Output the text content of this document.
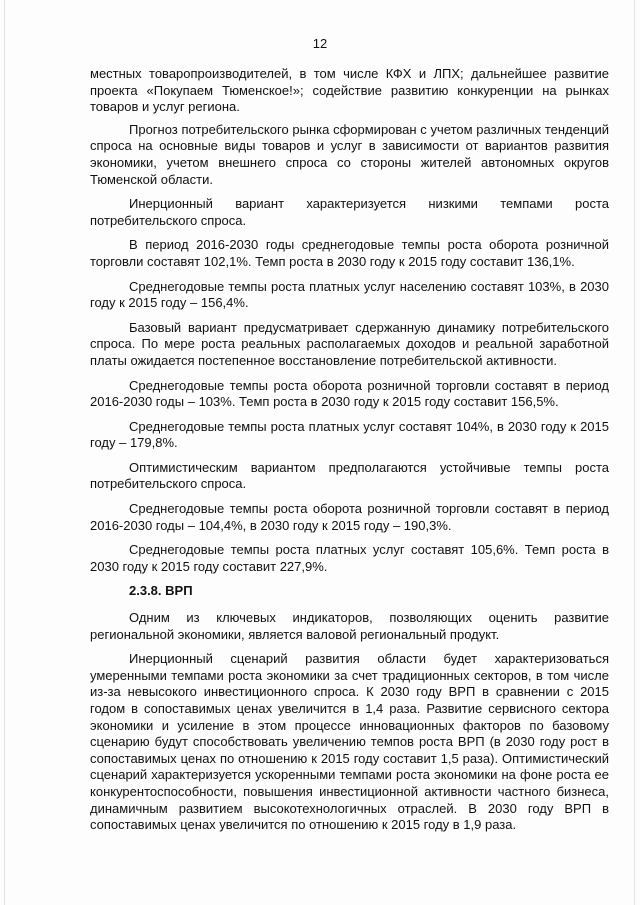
12

местных товаропроизводителей, в том числе КФХ и ЛПХ; дальнейшее развитие проекта «Покупаем Тюменское!»; содействие развитию конкуренции на рынках товаров и услуг региона.

Прогноз потребительского рынка сформирован с учетом различных тенденций спроса на основные виды товаров и услуг в зависимости от вариантов развития экономики, учетом внешнего спроса со стороны жителей автономных округов Тюменской области.

Инерционный вариант характеризуется низкими темпами роста потребительского спроса.

В период 2016-2030 годы среднегодовые темпы роста оборота розничной торговли составят 102,1%. Темп роста в 2030 году к 2015 году составит 136,1%.

Среднегодовые темпы роста платных услуг населению составят 103%, в 2030 году к 2015 году – 156,4%.

Базовый вариант предусматривает сдержанную динамику потребительского спроса. По мере роста реальных располагаемых доходов и реальной заработной платы ожидается постепенное восстановление потребительской активности.

Среднегодовые темпы роста оборота розничной торговли составят в период 2016-2030 годы – 103%. Темп роста в 2030 году к 2015 году составит 156,5%.

Среднегодовые темпы роста платных услуг составят 104%, в 2030 году к 2015 году – 179,8%.

Оптимистическим вариантом предполагаются устойчивые темпы роста потребительского спроса.

Среднегодовые темпы роста оборота розничной торговли составят в период 2016-2030 годы – 104,4%, в 2030 году к 2015 году – 190,3%.

Среднегодовые темпы роста платных услуг составят 105,6%. Темп роста в 2030 году к 2015 году составит 227,9%.

2.3.8. ВРП

Одним из ключевых индикаторов, позволяющих оценить развитие региональной экономики, является валовой региональный продукт.

Инерционный сценарий развития области будет характеризоваться умеренными темпами роста экономики за счет традиционных секторов, в том числе из-за невысокого инвестиционного спроса. К 2030 году ВРП в сравнении с 2015 годом в сопоставимых ценах увеличится в 1,4 раза. Развитие сервисного сектора экономики и усиление в этом процессе инновационных факторов по базовому сценарию будут способствовать увеличению темпов роста ВРП (в 2030 году рост в сопоставимых ценах по отношению к 2015 году составит 1,5 раза). Оптимистический сценарий характеризуется ускоренными темпами роста экономики на фоне роста ее конкурентоспособности, повышения инвестиционной активности частного бизнеса, динамичным развитием высокотехнологичных отраслей. В 2030 году ВРП в сопоставимых ценах увеличится по отношению к 2015 году в 1,9 раза.
